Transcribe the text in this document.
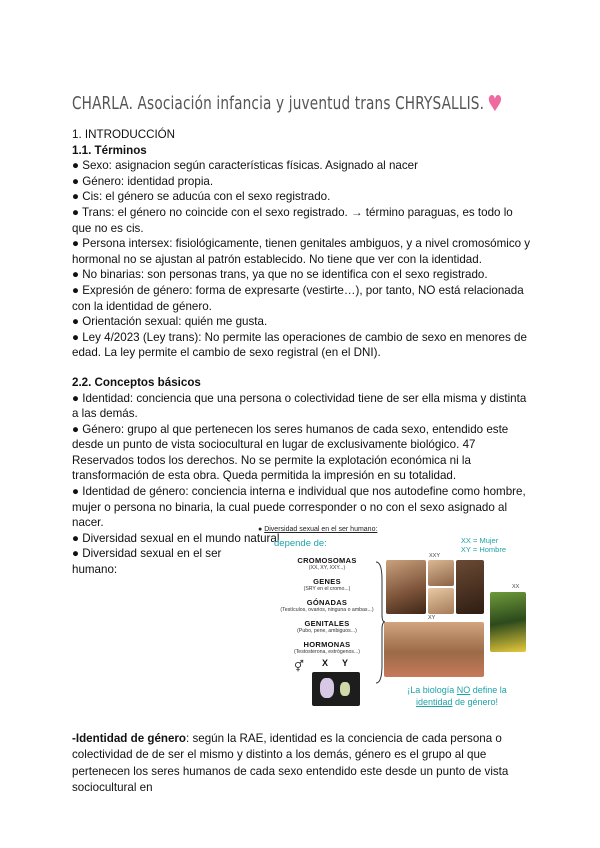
CHARLA. Asociación infancia y juventud trans CHRYSALLIS. ♥

1. INTRODUCCIÓN

1.1. Términos

● Sexo: asignacion según características físicas. Asignado al nacer

● Género: identidad propia.

● Cis: el género se aducúa con el sexo registrado.

● Trans: el género no coincide con el sexo registrado. → término paraguas, es todo lo que no es cis.

● Persona intersex: fisiológicamente, tienen genitales ambiguos, y a nivel cromosómico y hormonal no se ajustan al patrón establecido. No tiene que ver con la identidad.

● No binarias: son personas trans, ya que no se identifica con el sexo registrado.

● Expresión de género: forma de expresarte (vestirte…), por tanto, NO está relacionada con la identidad de género.

● Orientación sexual: quién me gusta.

● Ley 4/2023 (Ley trans): No permite las operaciones de cambio de sexo en menores de edad. La ley permite el cambio de sexo registral (en el DNI).

2.2. Conceptos básicos

● Identidad: conciencia que una persona o colectividad tiene de ser ella misma y distinta a las demás.

● Género: grupo al que pertenecen los seres humanos de cada sexo, entendido este desde un punto de vista sociocultural en lugar de exclusivamente biológico. 47 Reservados todos los derechos. No se permite la explotación económica ni la transformación de esta obra. Queda permitida la impresión en su totalidad.

● Identidad de género: conciencia interna e individual que nos autodefine como hombre, mujer o persona no binaria, la cual puede corresponder o no con el sexo asignado al nacer.

● Diversidad sexual en el mundo natural

● Diversidad sexual en el ser

humano:

● Diversidad sexual en el ser humano:
depende de:	XX = Mujer
XY = Hombre
CROMOSOMAS
(XX, XY, XXY...)
GENES
(SRY en el cromo...)
GÓNADAS
(Testículos, ovarios, ninguna o ambas...)
GENITALES
(Pubo, pene, ambiguos...)
HORMONAS
(Testosterona, estrógenos...)
XXY
XY
XX
⚥ X Y
¡La biología NO define la identidad de género!
-Identidad de género: según la RAE, identidad es la conciencia de cada persona o colectividad de de ser el mismo y distinto a los demás, género es el grupo al que pertenecen los seres humanos de cada sexo entendido este desde un punto de vista sociocultural en
